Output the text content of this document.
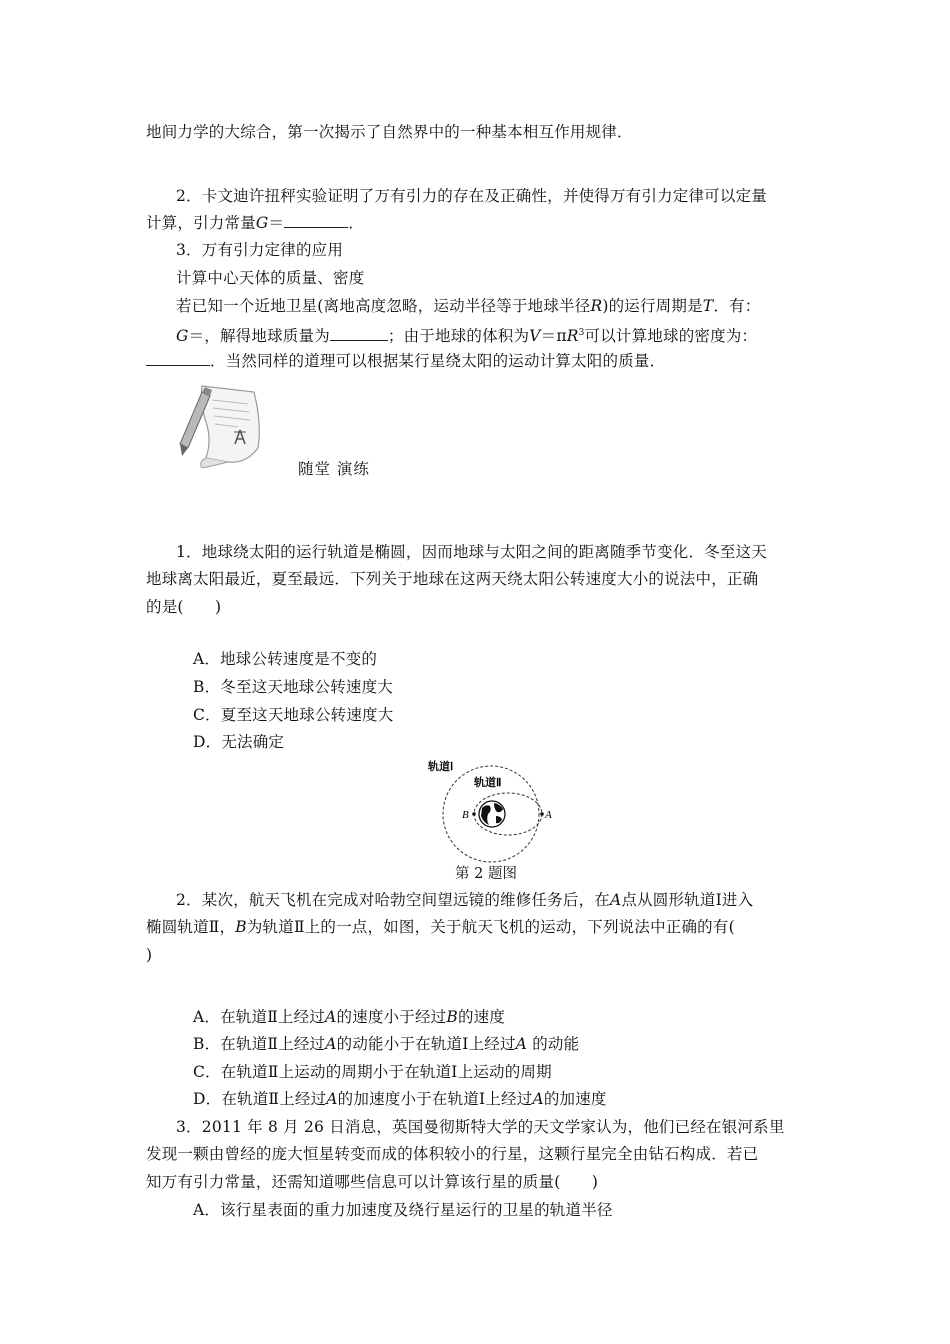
地间力学的大综合，第一次揭示了自然界中的一种基本相互作用规律．
2．卡文迪许扭秤实验证明了万有引力的存在及正确性，并使得万有引力定律可以定量
计算，引力常量G＝	．
3．万有引力定律的应用
计算中心天体的质量、密度
若已知一个近地卫星(离地高度忽略，运动半径等于地球半径R)的运行周期是T．有：
G＝，解得地球质量为	；由于地球的体积为$V=\pi R^3$可以计算地球的密度为：
．当然同样的道理可以根据某行星绕太阳的运动计算太阳的质量．
随堂 演练
1．地球绕太阳的运行轨道是椭圆，因而地球与太阳之间的距离随季节变化．冬至这天
地球离太阳最近，夏至最远．下列关于地球在这两天绕太阳公转速度大小的说法中，正确
的是(　　)
A．地球公转速度是不变的
B．冬至这天地球公转速度大
C．夏至这天地球公转速度大
D．无法确定
轨道Ⅰ
轨道Ⅱ
B	A
第 2 题图
2．某次，航天飞机在完成对哈勃空间望远镜的维修任务后，在A点从圆形轨道Ⅰ进入
椭圆轨道Ⅱ，B为轨道Ⅱ上的一点，如图，关于航天飞机的运动，下列说法中正确的有(
)
A．在轨道Ⅱ上经过A的速度小于经过B的速度
B．在轨道Ⅱ上经过A的动能小于在轨道Ⅰ上经过A 的动能
C．在轨道Ⅱ上运动的周期小于在轨道Ⅰ上运动的周期
D．在轨道Ⅱ上经过A的加速度小于在轨道Ⅰ上经过A的加速度
3．2011 年 8 月 26 日消息，英国曼彻斯特大学的天文学家认为，他们已经在银河系里
发现一颗由曾经的庞大恒星转变而成的体积较小的行星，这颗行星完全由钻石构成．若已
知万有引力常量，还需知道哪些信息可以计算该行星的质量(　　)
A．该行星表面的重力加速度及绕行星运行的卫星的轨道半径
